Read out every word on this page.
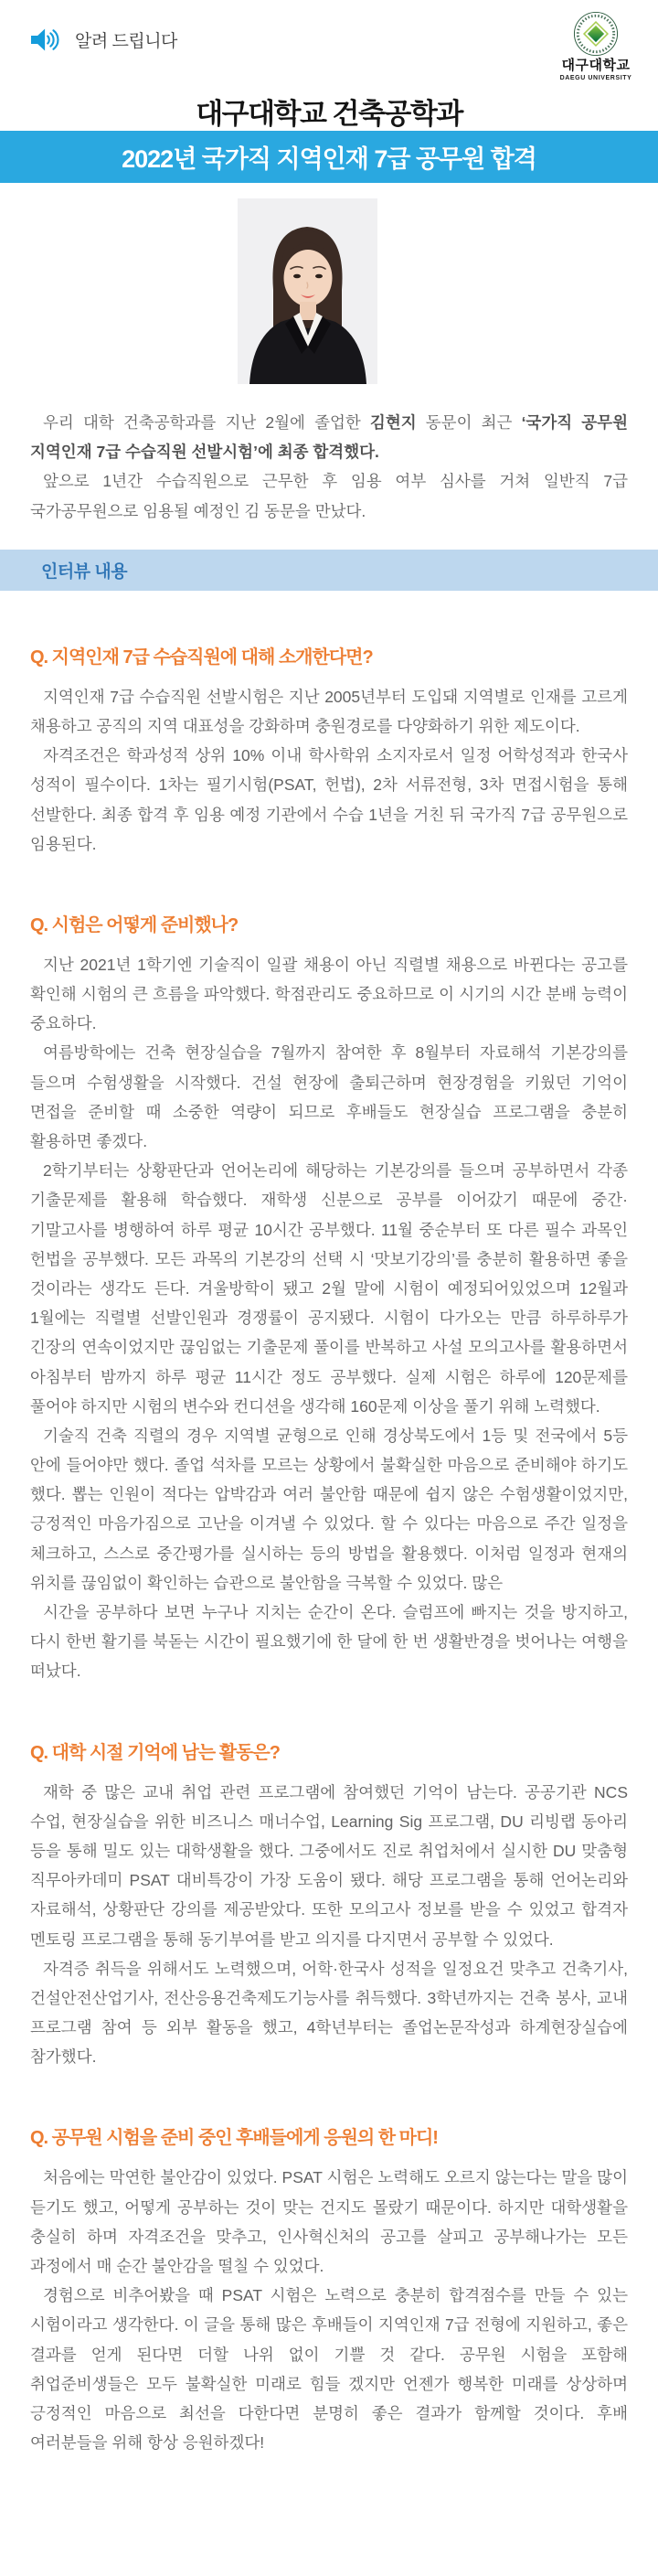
알려 드립니다
대구대학교
DAEGU UNIVERSITY
대구대학교 건축공학과
2022년 국가직 지역인재 7급 공무원 합격

우리 대학 건축공학과를 지난 2월에 졸업한 김현지 동문이 최근 ‘국가직 공무원 지역인재 7급 수습직원 선발시험’에 최종 합격했다.

앞으로 1년간 수습직원으로 근무한 후 임용 여부 심사를 거쳐 일반직 7급 국가공무원으로 임용될 예정인 김 동문을 만났다.

인터뷰 내용
Q. 지역인재 7급 수습직원에 대해 소개한다면?

지역인재 7급 수습직원 선발시험은 지난 2005년부터 도입돼 지역별로 인재를 고르게 채용하고 공직의 지역 대표성을 강화하며 충원경로를 다양화하기 위한 제도이다.

자격조건은 학과성적 상위 10% 이내 학사학위 소지자로서 일정 어학성적과 한국사 성적이 필수이다. 1차는 필기시험(PSAT, 헌법), 2차 서류전형, 3차 면접시험을 통해 선발한다. 최종 합격 후 임용 예정 기관에서 수습 1년을 거친 뒤 국가직 7급 공무원으로 임용된다.

Q. 시험은 어떻게 준비했나?

지난 2021년 1학기엔 기술직이 일괄 채용이 아닌 직렬별 채용으로 바뀐다는 공고를 확인해 시험의 큰 흐름을 파악했다. 학점관리도 중요하므로 이 시기의 시간 분배 능력이 중요하다.

여름방학에는 건축 현장실습을 7월까지 참여한 후 8월부터 자료해석 기본강의를 들으며 수험생활을 시작했다. 건설 현장에 출퇴근하며 현장경험을 키웠던 기억이 면접을 준비할 때 소중한 역량이 되므로 후배들도 현장실습 프로그램을 충분히 활용하면 좋겠다.

2학기부터는 상황판단과 언어논리에 해당하는 기본강의를 들으며 공부하면서 각종 기출문제를 활용해 학습했다. 재학생 신분으로 공부를 이어갔기 때문에 중간·기말고사를 병행하여 하루 평균 10시간 공부했다. 11월 중순부터 또 다른 필수 과목인 헌법을 공부했다. 모든 과목의 기본강의 선택 시 ‘맛보기강의’를 충분히 활용하면 좋을 것이라는 생각도 든다. 겨울방학이 됐고 2월 말에 시험이 예정되어있었으며 12월과 1월에는 직렬별 선발인원과 경쟁률이 공지됐다. 시험이 다가오는 만큼 하루하루가 긴장의 연속이었지만 끊임없는 기출문제 풀이를 반복하고 사설 모의고사를 활용하면서 아침부터 밤까지 하루 평균 11시간 정도 공부했다. 실제 시험은 하루에 120문제를 풀어야 하지만 시험의 변수와 컨디션을 생각해 160문제 이상을 풀기 위해 노력했다.

기술직 건축 직렬의 경우 지역별 균형으로 인해 경상북도에서 1등 및 전국에서 5등 안에 들어야만 했다. 졸업 석차를 모르는 상황에서 불확실한 마음으로 준비해야 하기도 했다. 뽑는 인원이 적다는 압박감과 여러 불안함 때문에 쉽지 않은 수험생활이었지만, 긍정적인 마음가짐으로 고난을 이겨낼 수 있었다. 할 수 있다는 마음으로 주간 일정을 체크하고, 스스로 중간평가를 실시하는 등의 방법을 활용했다. 이처럼 일정과 현재의 위치를 끊임없이 확인하는 습관으로 불안함을 극복할 수 있었다. 많은

시간을 공부하다 보면 누구나 지치는 순간이 온다. 슬럼프에 빠지는 것을 방지하고, 다시 한번 활기를 북돋는 시간이 필요했기에 한 달에 한 번 생활반경을 벗어나는 여행을 떠났다.

Q. 대학 시절 기억에 남는 활동은?

재학 중 많은 교내 취업 관련 프로그램에 참여했던 기억이 남는다. 공공기관 NCS 수업, 현장실습을 위한 비즈니스 매너수업, Learning Sig 프로그램, DU 리빙랩 동아리 등을 통해 밀도 있는 대학생활을 했다. 그중에서도 진로 취업처에서 실시한 DU 맞춤형 직무아카데미 PSAT 대비특강이 가장 도움이 됐다. 해당 프로그램을 통해 언어논리와 자료해석, 상황판단 강의를 제공받았다. 또한 모의고사 정보를 받을 수 있었고 합격자 멘토링 프로그램을 통해 동기부여를 받고 의지를 다지면서 공부할 수 있었다.

자격증 취득을 위해서도 노력했으며, 어학·한국사 성적을 일정요건 맞추고 건축기사, 건설안전산업기사, 전산응용건축제도기능사를 취득했다. 3학년까지는 건축 봉사, 교내 프로그램 참여 등 외부 활동을 했고, 4학년부터는 졸업논문작성과 하계현장실습에 참가했다.

Q. 공무원 시험을 준비 중인 후배들에게 응원의 한 마디!

처음에는 막연한 불안감이 있었다. PSAT 시험은 노력해도 오르지 않는다는 말을 많이 듣기도 했고, 어떻게 공부하는 것이 맞는 건지도 몰랐기 때문이다. 하지만 대학생활을 충실히 하며 자격조건을 맞추고, 인사혁신처의 공고를 살피고 공부해나가는 모든 과정에서 매 순간 불안감을 떨칠 수 있었다.

경험으로 비추어봤을 때 PSAT 시험은 노력으로 충분히 합격점수를 만들 수 있는 시험이라고 생각한다. 이 글을 통해 많은 후배들이 지역인재 7급 전형에 지원하고, 좋은 결과를 얻게 된다면 더할 나위 없이 기쁠 것 같다. 공무원 시험을 포함해 취업준비생들은 모두 불확실한 미래로 힘들 겠지만 언젠가 행복한 미래를 상상하며 긍정적인 마음으로 최선을 다한다면 분명히 좋은 결과가 함께할 것이다. 후배 여러분들을 위해 항상 응원하겠다!
